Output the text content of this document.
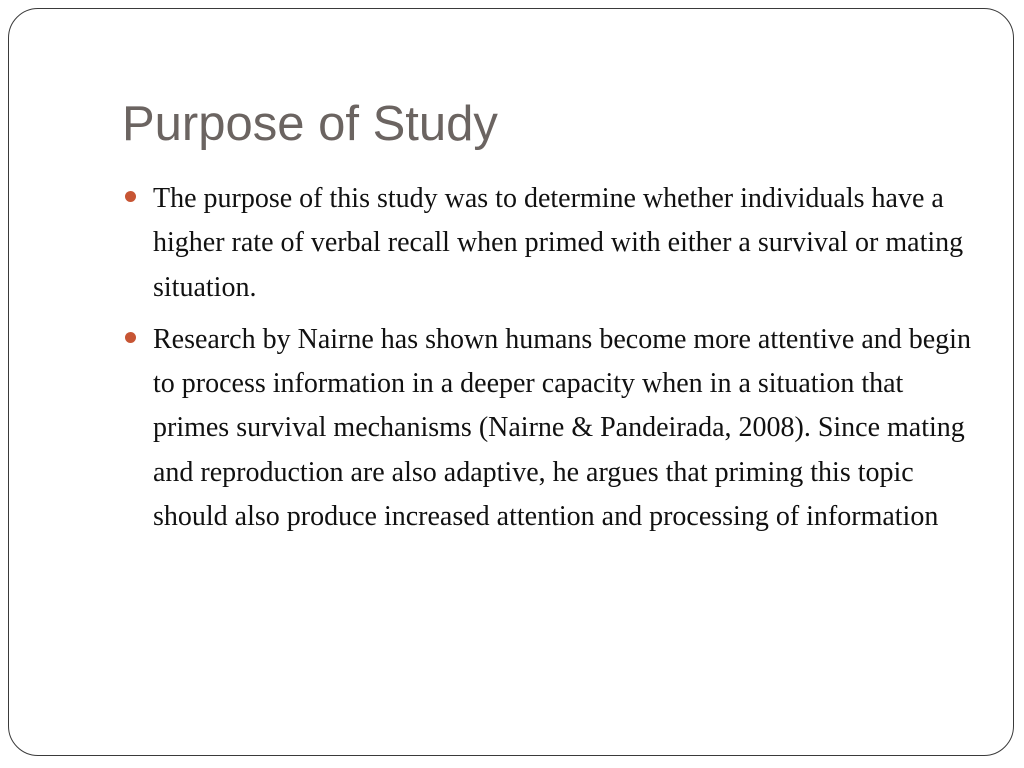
Purpose of Study
The purpose of this study was to determine whether individuals have a higher rate of verbal recall when primed with either a survival or mating situation.
Research by Nairne has shown humans become more attentive and begin to process information in a deeper capacity when in a situation that primes survival mechanisms (Nairne & Pandeirada, 2008). Since mating and reproduction are also adaptive, he argues that priming this topic should also produce increased attention and processing of information
